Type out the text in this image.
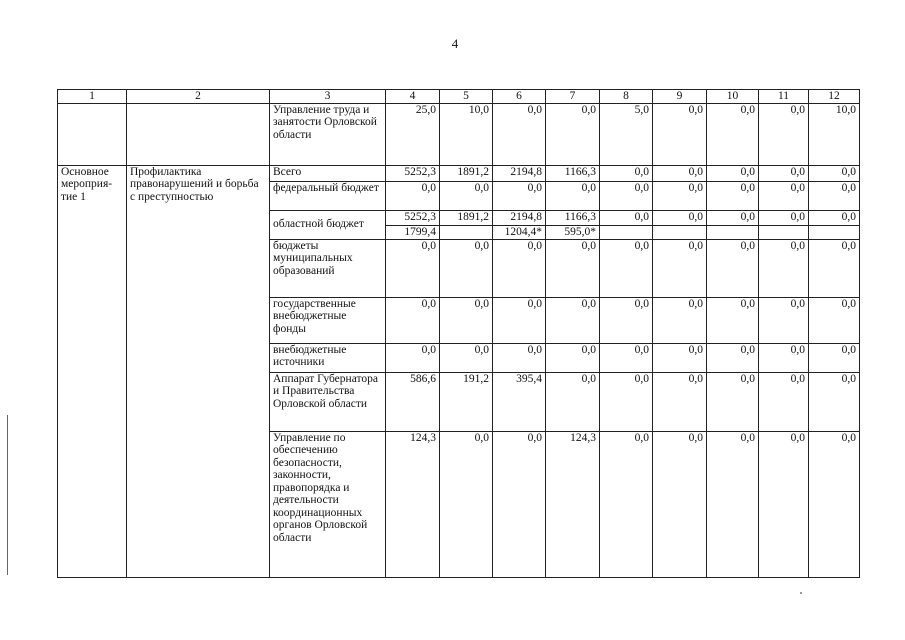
4
1	2	3	4	5	6	7	8	9	10	11	12
		Управление труда и занятости Орловской области	25,0	10,0	0,0	0,0	5,0	0,0	0,0	0,0	10,0
Основное мероприя-тие 1	Профилактика правонарушений и борьба с преступностью	Всего	5252,3	1891,2	2194,8	1166,3	0,0	0,0	0,0	0,0	0,0
		федеральный бюджет	0,0	0,0	0,0	0,0	0,0	0,0	0,0	0,0	0,0
		областной бюджет	5252,3	1891,2	2194,8	1166,3	0,0	0,0	0,0	0,0	0,0
			1799,4		1204,4*	595,0*					
		бюджеты муниципальных образований	0,0	0,0	0,0	0,0	0,0	0,0	0,0	0,0	0,0
		государственные внебюджетные фонды	0,0	0,0	0,0	0,0	0,0	0,0	0,0	0,0	0,0
		внебюджетные источники	0,0	0,0	0,0	0,0	0,0	0,0	0,0	0,0	0,0
		Аппарат Губернатора и Правительства Орловской области	586,6	191,2	395,4	0,0	0,0	0,0	0,0	0,0	0,0
		Управление по обеспечению безопасности, законности, правопорядка и деятельности координационных органов Орловской области	124,3	0,0	0,0	124,3	0,0	0,0	0,0	0,0	0,0
